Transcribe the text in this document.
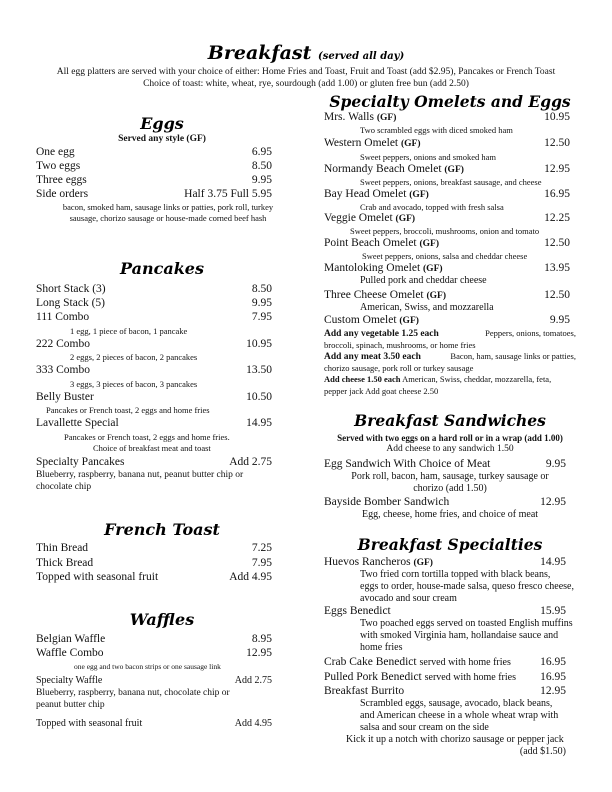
Breakfast (served all day)
All egg platters are served with your choice of either: Home Fries and Toast, Fruit and Toast (add $2.95), Pancakes or French Toast
Choice of toast: white, wheat, rye, sourdough (add 1.00) or gluten free bun (add 2.50)
Eggs
Served any style (GF)
One egg	6.95
Two eggs	8.50
Three eggs	9.95
Side orders	Half 3.75 Full 5.95
bacon, smoked ham, sausage links or patties, pork roll, turkey
sausage, chorizo sausage or house-made corned beef hash
Pancakes
Short Stack (3)	8.50
Long Stack (5)	9.95
111 Combo	7.95
1 egg, 1 piece of bacon, 1 pancake
222 Combo	10.95
2 eggs, 2 pieces of bacon, 2 pancakes
333 Combo	13.50
3 eggs, 3 pieces of bacon, 3 pancakes
Belly Buster	10.50
Pancakes or French toast, 2 eggs and home fries
Lavallette Special	14.95
Pancakes or French toast, 2 eggs and home fries.
Choice of breakfast meat and toast
Specialty Pancakes	Add 2.75
Blueberry, raspberry, banana nut, peanut butter chip or
chocolate chip
French Toast
Thin Bread	7.25
Thick Bread	7.95
Topped with seasonal fruit	Add 4.95
Waffles
Belgian Waffle	8.95
Waffle Combo	12.95
one egg and two bacon strips or one sausage link
Specialty Waffle	Add 2.75
Blueberry, raspberry, banana nut, chocolate chip or
peanut butter chip
Topped with seasonal fruit	Add 4.95
Specialty Omelets and Eggs
Mrs. Walls (GF)	10.95
Two scrambled eggs with diced smoked ham
Western Omelet (GF)	12.50
Sweet peppers, onions and smoked ham
Normandy Beach Omelet (GF)	12.95
Sweet peppers, onions, breakfast sausage, and cheese
Bay Head Omelet (GF)	16.95
Crab and avocado, topped with fresh salsa
Veggie Omelet (GF)	12.25
Sweet peppers, broccoli, mushrooms, onion and tomato
Point Beach Omelet (GF)	12.50
Sweet peppers, onions, salsa and cheddar cheese
Mantoloking Omelet (GF)	13.95
Pulled pork and cheddar cheese
Three Cheese Omelet (GF)	12.50
American, Swiss, and mozzarella
Custom Omelet (GF)	9.95
Add any vegetable 1.25 each	Peppers, onions, tomatoes,
broccoli, spinach, mushrooms, or home fries
Add any meat 3.50 each	Bacon, ham, sausage links or patties,
chorizo sausage, pork roll or turkey sausage
Add cheese 1.50 each American, Swiss, cheddar, mozzarella, feta,
pepper jack Add goat cheese 2.50
Breakfast Sandwiches
Served with two eggs on a hard roll or in a wrap (add 1.00)
Add cheese to any sandwich 1.50
Egg Sandwich With Choice of Meat	9.95
Pork roll, bacon, ham, sausage, turkey sausage or
chorizo (add 1.50)
Bayside Bomber Sandwich	12.95
Egg, cheese, home fries, and choice of meat
Breakfast Specialties
Huevos Rancheros (GF)	14.95
Two fried corn tortilla topped with black beans,
eggs to order, house-made salsa, queso fresco cheese,
avocado and sour cream
Eggs Benedict	15.95
Two poached eggs served on toasted English muffins
with smoked Virginia ham, hollandaise sauce and
home fries
Crab Cake Benedict served with home fries	16.95
Pulled Pork Benedict served with home fries 16.95
Breakfast Burrito	12.95
Scrambled eggs, sausage, avocado, black beans,
and American cheese in a whole wheat wrap with
salsa and sour cream on the side
Kick it up a notch with chorizo sausage or pepper jack
(add $1.50)
